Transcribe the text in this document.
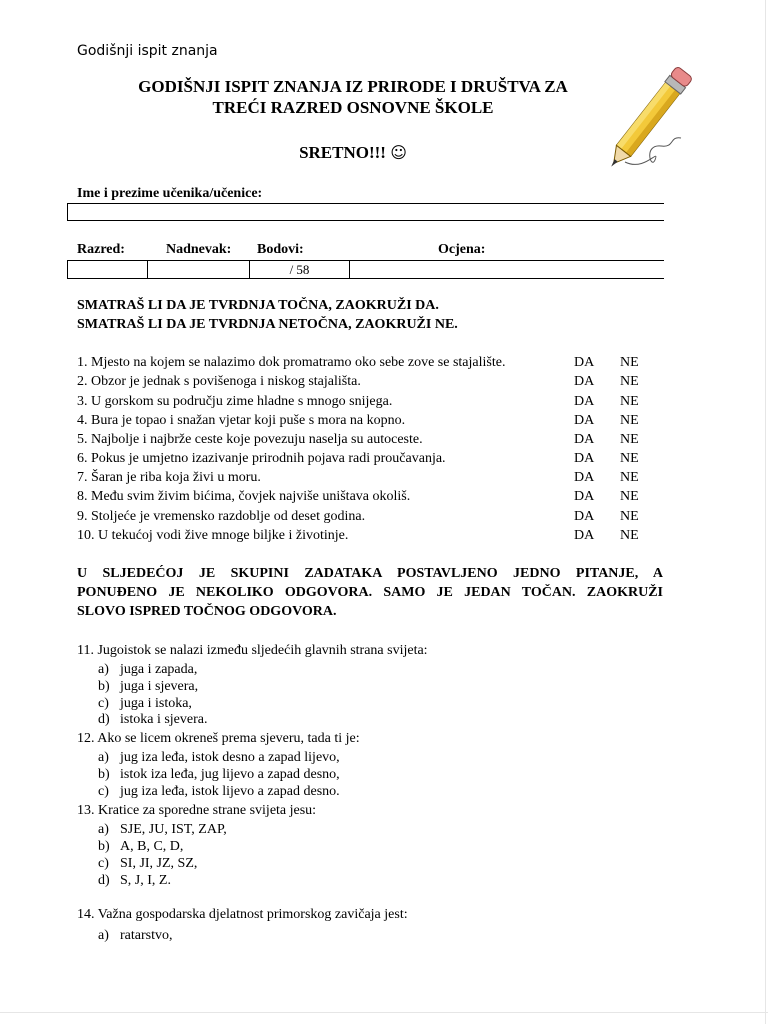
Godišnji ispit znanja
GODIŠNJI ISPIT ZNANJA IZ PRIRODE I DRUŠTVA ZA
TREĆI RAZRED OSNOVNE ŠKOLE
SRETNO!!! ☺
Ime i prezime učenika/učenice:
Razred:	Nadnevak: Bodovi:	Ocjena:
/ 58
SMATRAŠ LI DA JE TVRDNJA TOČNA, ZAOKRUŽI DA.
SMATRAŠ LI DA JE TVRDNJA NETOČNA, ZAOKRUŽI NE.
1. Mjesto na kojem se nalazimo dok promatramo oko sebe zove se stajalište.	DA NE
2. Obzor je jednak s povišenoga i niskog stajališta.	DA NE
3. U gorskom su području zime hladne s mnogo snijega.	DA NE
4. Bura je topao i snažan vjetar koji puše s mora na kopno.	DA NE
5. Najbolje i najbrže ceste koje povezuju naselja su autoceste.	DA NE
6. Pokus je umjetno izazivanje prirodnih pojava radi proučavanja.	DA NE
7. Šaran je riba koja živi u moru.	DA NE
8. Među svim živim bićima, čovjek najviše uništava okoliš.	DA NE
9. Stoljeće je vremensko razdoblje od deset godina.	DA NE
10. U tekućoj vodi žive mnoge biljke i životinje.	DA NE
U SLJEDEĆOJ JE SKUPINI ZADATAKA POSTAVLJENO JEDNO PITANJE, A
PONUĐENO JE NEKOLIKO ODGOVORA. SAMO JE JEDAN TOČAN. ZAOKRUŽI
SLOVO ISPRED TOČNOG ODGOVORA.
11. Jugoistok se nalazi između sljedećih glavnih strana svijeta:
a) juga i zapada,
b) juga i sjevera,
c) juga i istoka,
d) istoka i sjevera.
12. Ako se licem okreneš prema sjeveru, tada ti je:
a) jug iza leđa, istok desno a zapad lijevo,
b) istok iza leđa, jug lijevo a zapad desno,
c) jug iza leđa, istok lijevo a zapad desno.
13. Kratice za sporedne strane svijeta jesu:
a) SJE, JU, IST, ZAP,
b) A, B, C, D,
c) SI, JI, JZ, SZ,
d) S, J, I, Z.
14. Važna gospodarska djelatnost primorskog zavičaja jest:
a) ratarstvo,
